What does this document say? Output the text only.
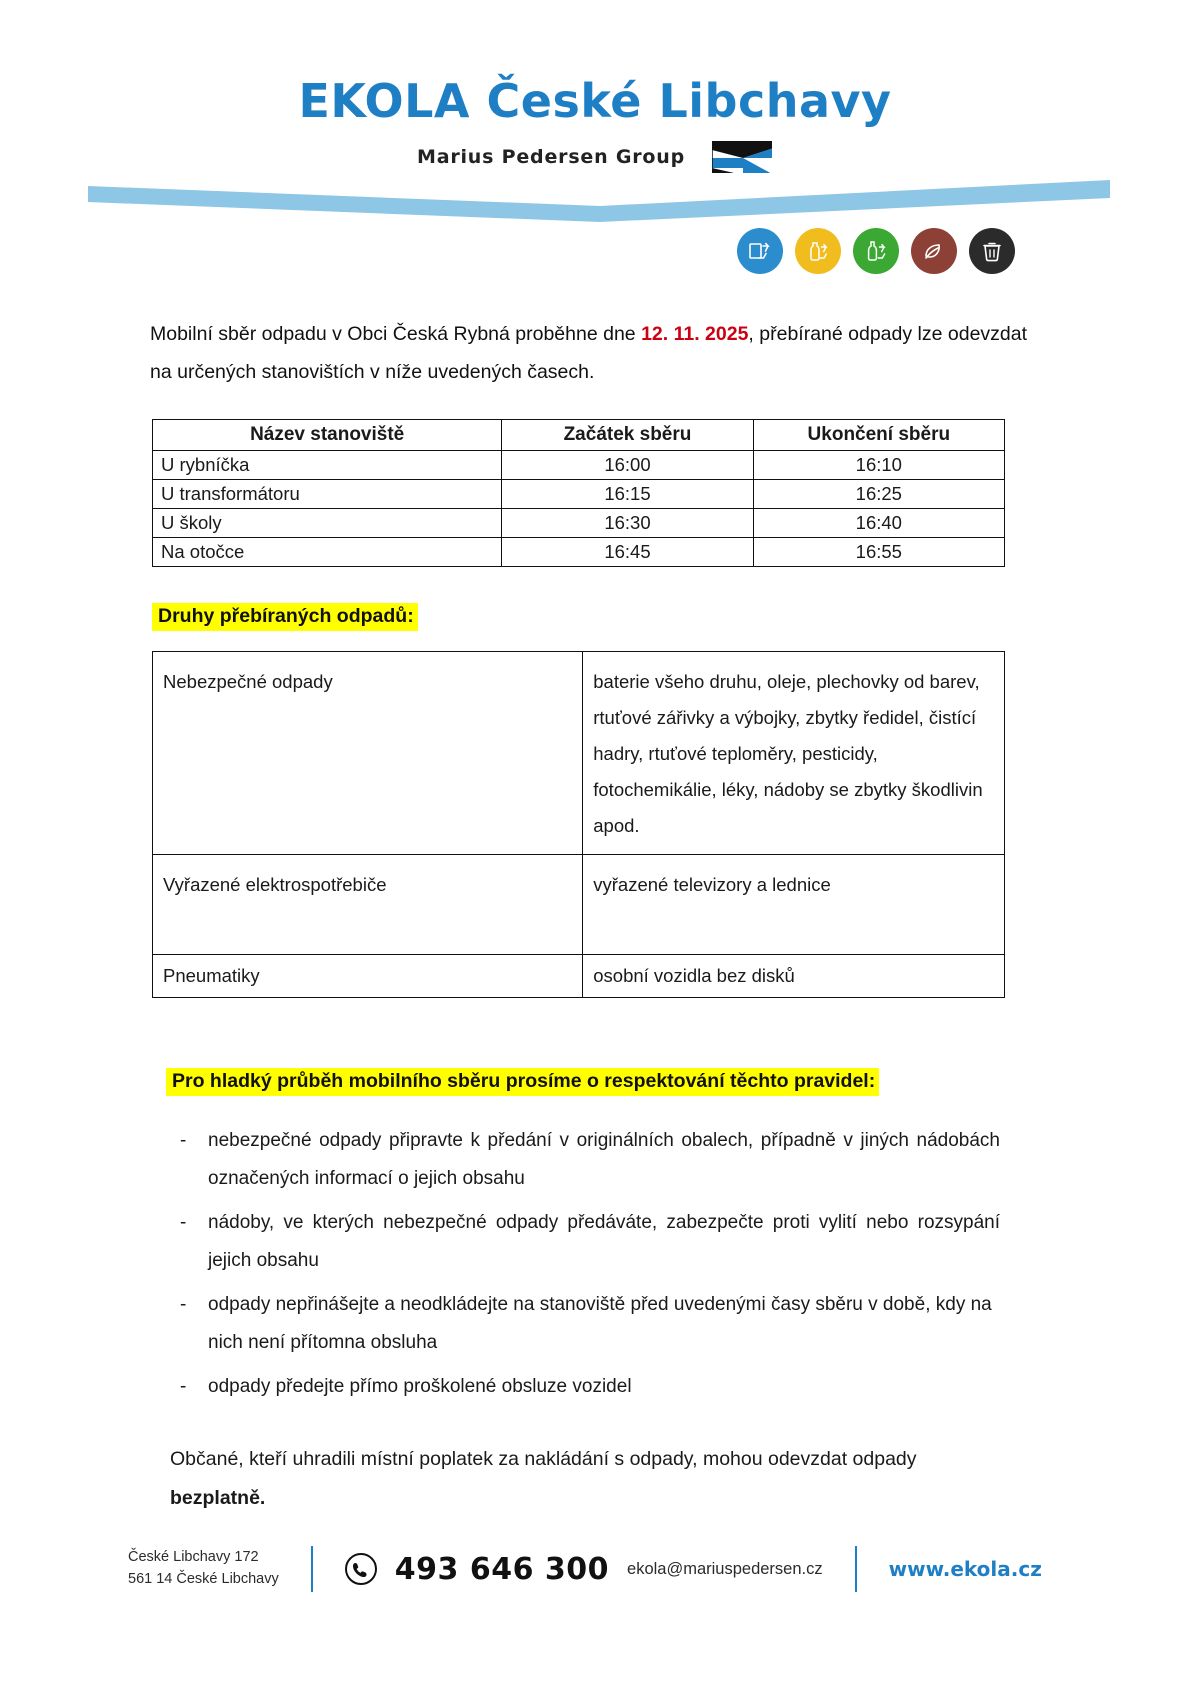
EKOLA České Libchavy
Marius Pedersen Group

Mobilní sběr odpadu v Obci Česká Rybná proběhne dne 12. 11. 2025, přebírané odpady lze odevzdat na určených stanovištích v níže uvedených časech.

Název stanoviště	Začátek sběru	Ukončení sběru
U rybníčka	16:00	16:10
U transformátoru	16:15	16:25
U školy	16:30	16:40
Na otočce	16:45	16:55
Druhy přebíraných odpadů:
Nebezpečné odpady	baterie všeho druhu, oleje, plechovky od barev, rtuťové zářivky a výbojky, zbytky ředidel, čistící hadry, rtuťové teploměry, pesticidy, fotochemikálie, léky, nádoby se zbytky škodlivin apod.
Vyřazené elektrospotřebiče	vyřazené televizory a lednice
Pneumatiky	osobní vozidla bez disků
Pro hladký průběh mobilního sběru prosíme o respektování těchto pravidel:
-	nebezpečné odpady připravte k předání v originálních obalech, případně v jiných nádobách označených informací o jejich obsahu
-	nádoby, ve kterých nebezpečné odpady předáváte, zabezpečte proti vylití nebo rozsypání jejich obsahu
-	odpady nepřinášejte a neodkládejte na stanoviště před uvedenými časy sběru v době, kdy na nich není přítomna obsluha
-	odpady předejte přímo proškolené obsluze vozidel

Občané, kteří uhradili místní poplatek za nakládání s odpady, mohou odevzdat odpady
bezplatně.

České Libchavy 172
561 14 České Libchavy	493 646 300 ekola@mariuspedersen.cz	www.ekola.cz
